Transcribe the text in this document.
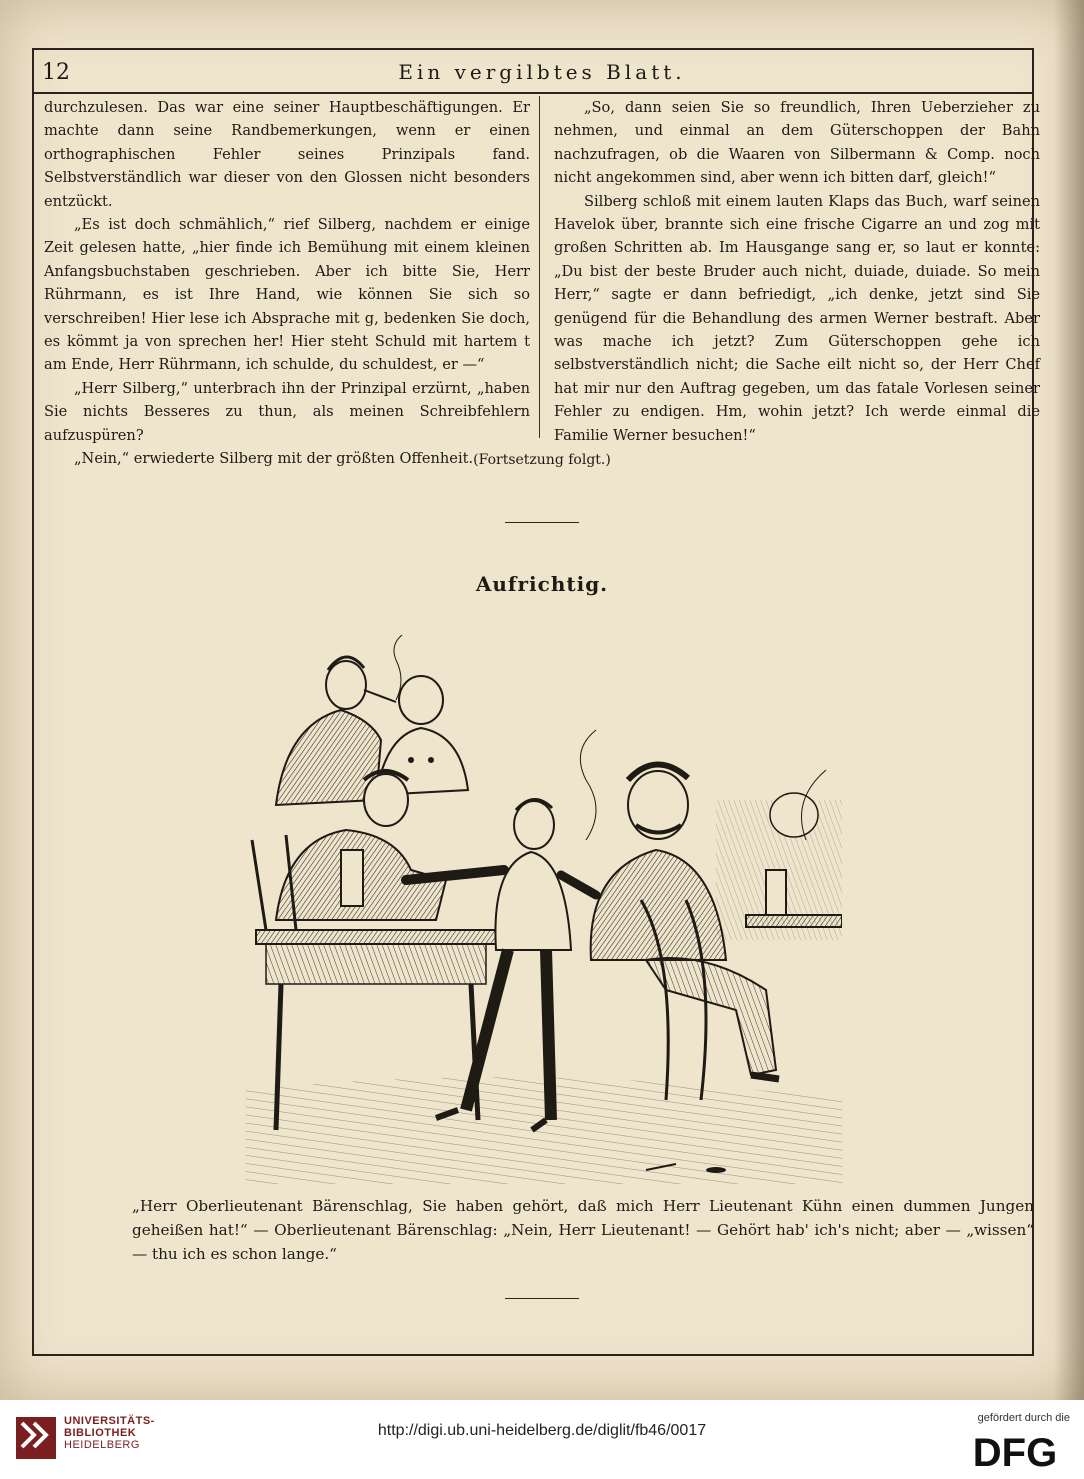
12	Ein vergilbtes Blatt.

durchzulesen. Das war eine seiner Hauptbeschäftigungen. Er machte dann seine Randbemerkungen, wenn er einen orthographischen Fehler seines Prinzipals fand. Selbstverständlich war dieser von den Glossen nicht besonders entzückt.

„Es ist doch schmählich,“ rief Silberg, nachdem er einige Zeit gelesen hatte, „hier finde ich Bemühung mit einem kleinen Anfangsbuchstaben geschrieben. Aber ich bitte Sie, Herr Rührmann, es ist Ihre Hand, wie können Sie sich so verschreiben! Hier lese ich Absprache mit g, bedenken Sie doch, es kömmt ja von sprechen her! Hier steht Schuld mit hartem t am Ende, Herr Rührmann, ich schulde, du schuldest, er —“

„Herr Silberg,“ unterbrach ihn der Prinzipal erzürnt, „haben Sie nichts Besseres zu thun, als meinen Schreibfehlern aufzuspüren?

„Nein,“ erwiederte Silberg mit der größten Offenheit.

„So, dann seien Sie so freundlich, Ihren Ueberzieher zu nehmen, und einmal an dem Güterschoppen der Bahn nachzufragen, ob die Waaren von Silbermann & Comp. noch nicht angekommen sind, aber wenn ich bitten darf, gleich!“

Silberg schloß mit einem lauten Klaps das Buch, warf seinen Havelok über, brannte sich eine frische Cigarre an und zog mit großen Schritten ab. Im Hausgange sang er, so laut er konnte: „Du bist der beste Bruder auch nicht, duiade, duiade. So mein Herr,“ sagte er dann befriedigt, „ich denke, jetzt sind Sie genügend für die Behandlung des armen Werner bestraft. Aber was mache ich jetzt? Zum Güterschoppen gehe ich selbstverständlich nicht; die Sache eilt nicht so, der Herr Chef hat mir nur den Auftrag gegeben, um das fatale Vorlesen seiner Fehler zu endigen. Hm, wohin jetzt? Ich werde einmal die Familie Werner besuchen!“

(Fortsetzung folgt.)
Aufrichtig.
„Herr Oberlieutenant Bärenschlag, Sie haben gehört, daß mich Herr Lieutenant Kühn einen dummen Jungen geheißen hat!“ — Oberlieutenant Bärenschlag: „Nein, Herr Lieutenant! — Gehört hab' ich's nicht; aber — „wissen“ — thu ich es schon lange.“
UNIVERSITÄTS-
BIBLIOTHEK
HEIDELBERG
http://digi.ub.uni-heidelberg.de/diglit/fb46/0017
gefördert durch die
DFG
